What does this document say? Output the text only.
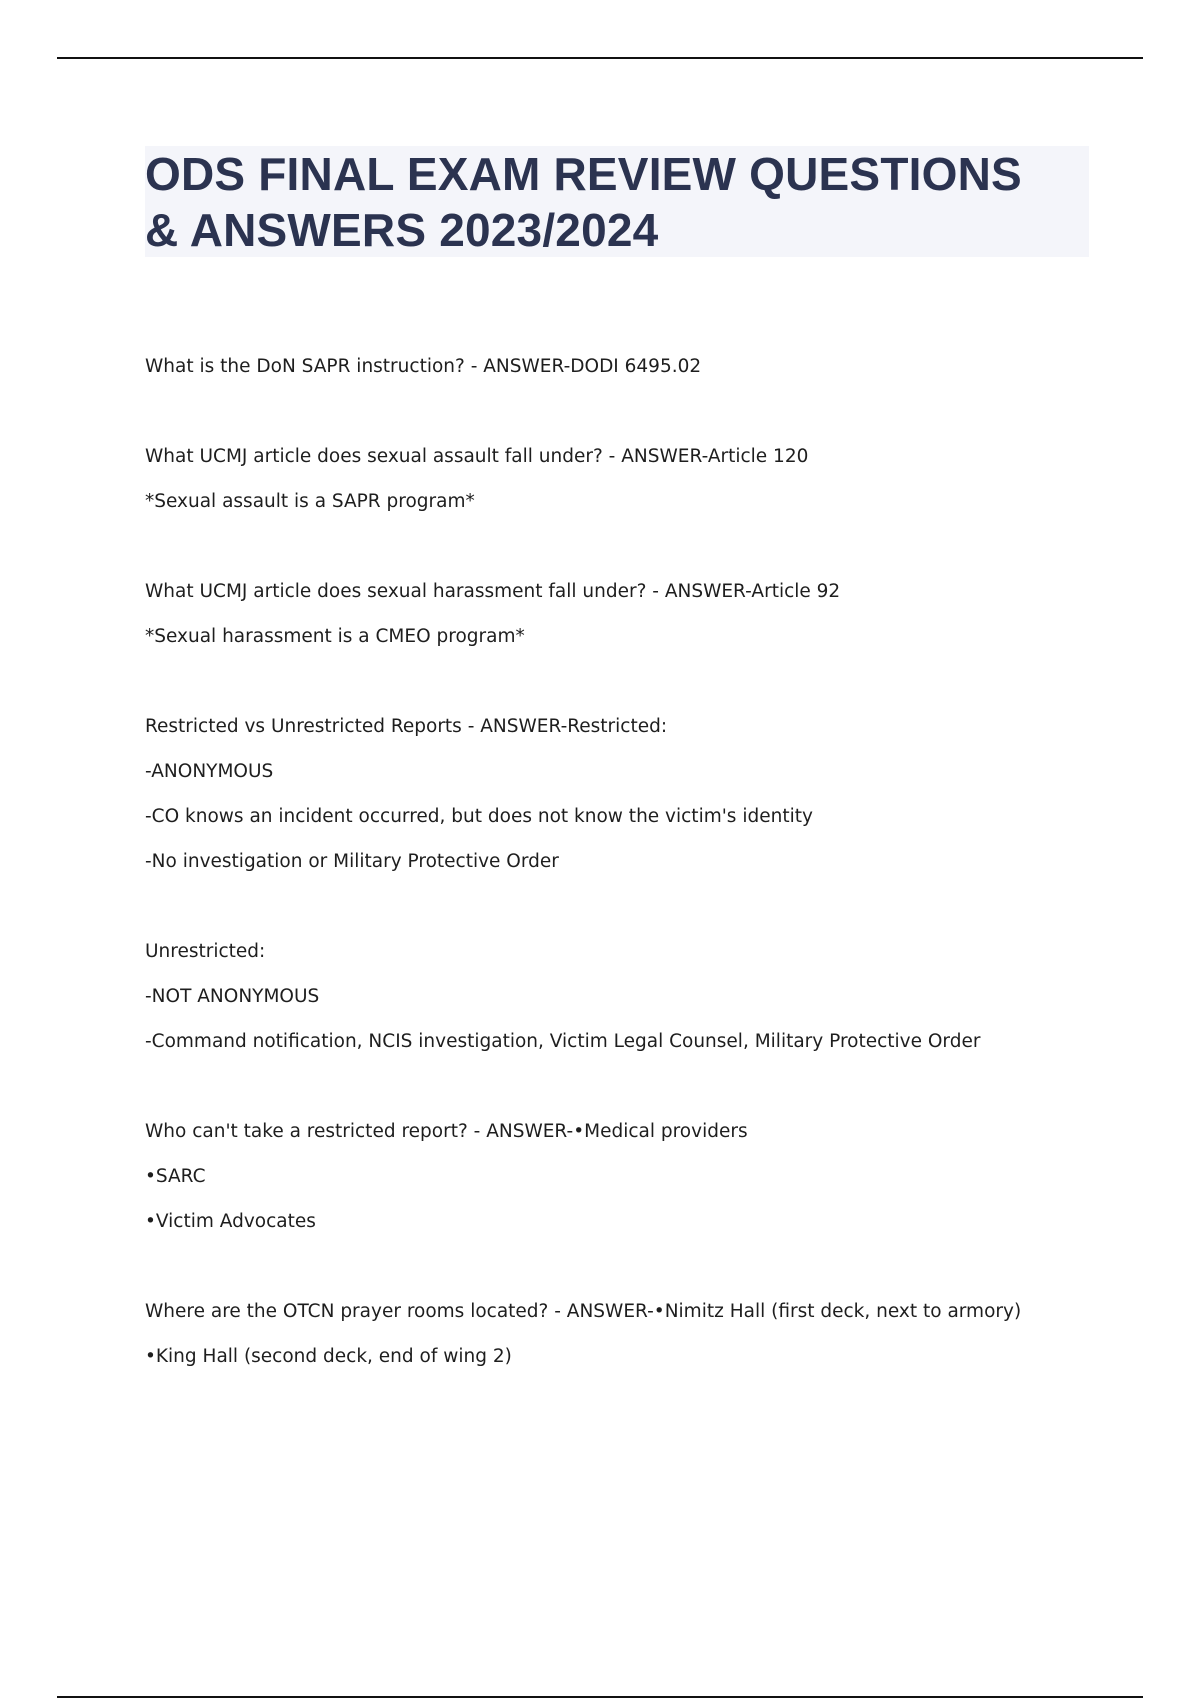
ODS FINAL EXAM REVIEW QUESTIONS
& ANSWERS 2023/2024
What is the DoN SAPR instruction? - ANSWER-DODI 6495.02
What UCMJ article does sexual assault fall under? - ANSWER-Article 120
*Sexual assault is a SAPR program*
What UCMJ article does sexual harassment fall under? - ANSWER-Article 92
*Sexual harassment is a CMEO program*
Restricted vs Unrestricted Reports - ANSWER-Restricted:
-ANONYMOUS
-CO knows an incident occurred, but does not know the victim's identity
-No investigation or Military Protective Order
Unrestricted:
-NOT ANONYMOUS
-Command notification, NCIS investigation, Victim Legal Counsel, Military Protective Order
Who can't take a restricted report? - ANSWER-•Medical providers
•SARC
•Victim Advocates
Where are the OTCN prayer rooms located? - ANSWER-•Nimitz Hall (first deck, next to armory)
•King Hall (second deck, end of wing 2)
